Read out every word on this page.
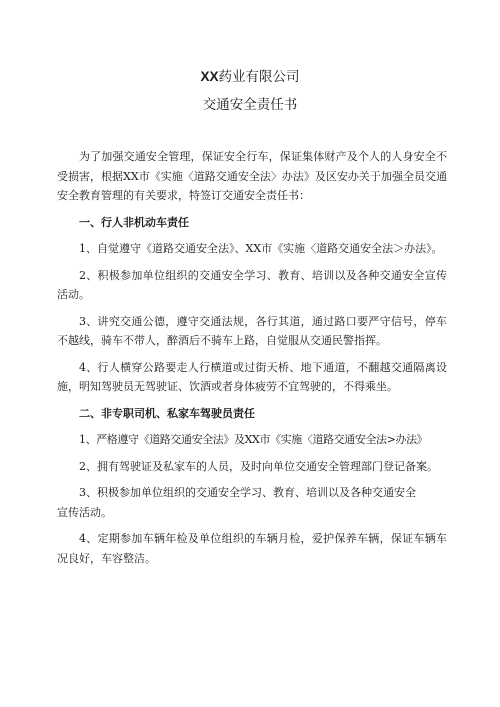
XX药业有限公司
交通安全责任书

为了加强交通安全管理，保证安全行车，保证集体财产及个人的人身安全不受损害，根据XX市《实施〈道路交通安全法〉办法》及区安办关于加强全员交通安全教育管理的有关要求，特签订交通安全责任书：

一、行人非机动车责任

1、自觉遵守《道路交通安全法》、XX市《实施〈道路交通安全法＞办法》。

2、积极参加单位组织的交通安全学习、教育、培训以及各种交通安全宣传活动。

3、讲究交通公德，遵守交通法规，各行其道，通过路口要严守信号，停车不越线，骑车不带人，醉酒后不骑车上路，自觉服从交通民警指挥。

4、行人横穿公路要走人行横道或过街天桥、地下通道，不翻越交通隔离设施，明知驾驶员无驾驶证、饮酒或者身体疲劳不宜驾驶的，不得乘坐。

二、非专职司机、私家车驾驶员责任

1、严格遵守《道路交通安全法》及XX市《实施〈道路交通安全法>办法》

2、拥有驾驶证及私家车的人员，及时向单位交通安全管理部门登记备案。

3、积极参加单位组织的交通安全学习、教育、培训以及各种交通安全

宣传活动。

4、定期参加车辆年检及单位组织的车辆月检，爱护保养车辆，保证车辆车况良好，车容整洁。
